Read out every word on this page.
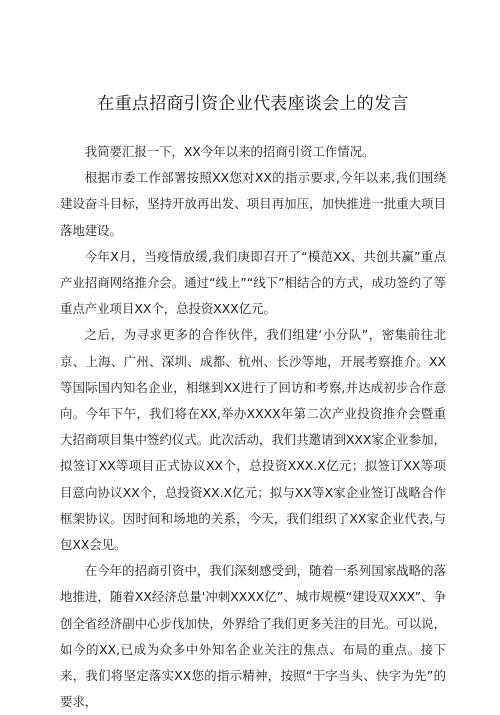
在重点招商引资企业代表座谈会上的发言

我简要汇报一下，XX今年以来的招商引资工作情况。

根据市委工作部署按照XX您对XX的指示要求,今年以来,我们围绕建设奋斗目标，坚持开放再出发、项目再加压，加快推进一批重大项目落地建设。

今年X月，当疫情放缓,我们庚即召开了“模范XX、共创共赢”重点产业招商网络推介会。通过“线上”“线下”相结合的方式，成功签约了等重点产业项目XX个，总投资XXX亿元。

之后，为寻求更多的合作伙伴，我们组建‘小分队”，密集前往北京、上海、广州、深圳、成都、杭州、长沙等地，开展考察推介。XX等国际国内知名企业，相继到XX进行了回访和考察,并达成初步合作意向。今年下午，我们将在XX,举办XXXX年第二次产业投资推介会暨重大招商项目集中签约仪式。此次活动，我们共邀请到XXX家企业参加，拟签订XX等项目正式协议XX个，总投资XXX.X亿元；拟签订XX等项目意向协议XX个，总投资XX.X亿元；拟与XX等X家企业签订战略合作框架协议。因时间和场地的关系，今天，我们组织了XX家企业代表,与包XX会见。

在今年的招商引资中，我们深刻感受到，随着一系列国家战略的落地推进，随着XX经济总量'冲刺XXXX亿”、城市规模“建设双XXX”、争创全省经济副中心步伐加快，外界给了我们更多关注的目光。可以说，如今的XX,已成为众多中外知名企业关注的焦点、布局的重点。接下来，我们将坚定落实XX您的指示精神，按照“干字当头、快字为先”的要求，
